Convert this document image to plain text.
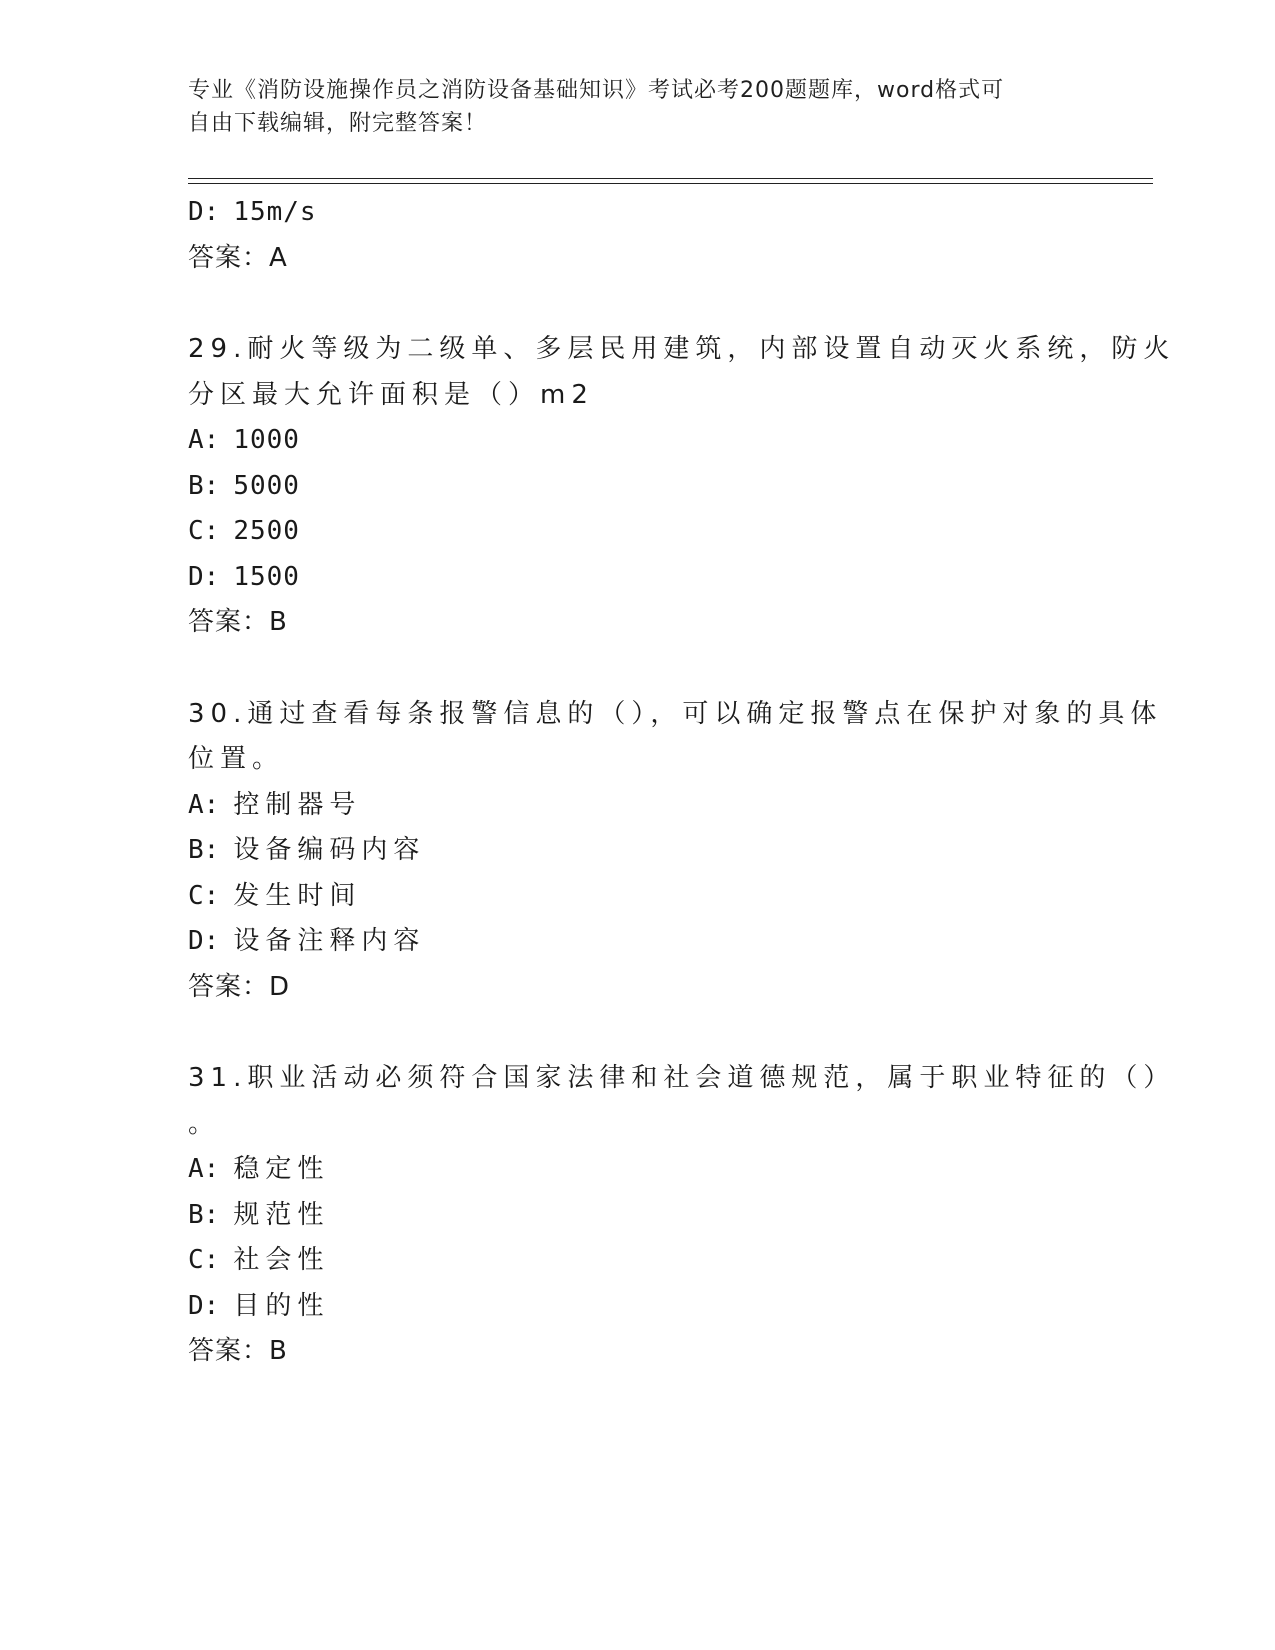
专业《消防设施操作员之消防设备基础知识》考试必考200题题库，word格式可
自由下载编辑，附完整答案！
D: 15m/s
答案：A
29.耐火等级为二级单、多层民用建筑，内部设置自动灭火系统，防火
分区最大允许面积是（）m2
A: 1000
B: 5000
C: 2500
D: 1500
答案：B
30.通过查看每条报警信息的（），可以确定报警点在保护对象的具体
位置。
A: 控制器号
B: 设备编码内容
C: 发生时间
D: 设备注释内容
答案：D
31.职业活动必须符合国家法律和社会道德规范，属于职业特征的（）
。
A: 稳定性
B: 规范性
C: 社会性
D: 目的性
答案：B
